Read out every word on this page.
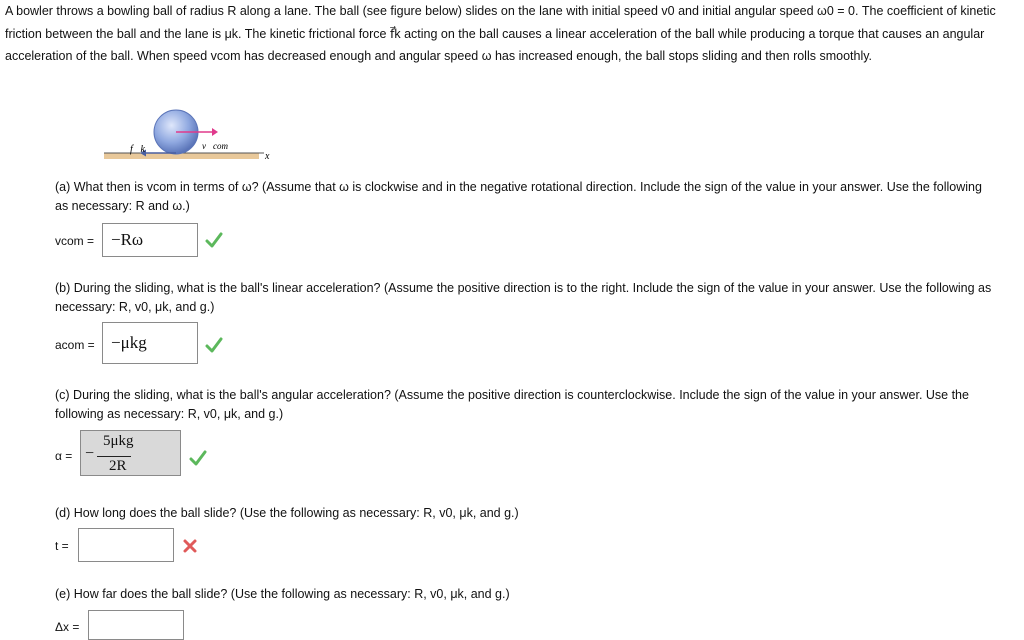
A bowler throws a bowling ball of radius R along a lane. The ball (see figure below) slides on the lane with initial speed v0 and initial angular speed ω0 = 0. The coefficient of kinetic friction between the ball and the lane is μk. The kinetic frictional force f⃗k acting on the ball causes a linear acceleration of the ball while producing a torque that causes an angular acceleration of the ball. When speed vcom has decreased enough and angular speed ω has increased enough, the ball stops sliding and then rolls smoothly.
f⃗k	v⃗com
x
(a) What then is vcom in terms of ω? (Assume that ω is clockwise and in the negative rotational direction. Include the sign of the value in your answer. Use the following as necessary: R and ω.)
vcom = −Rω
(b) During the sliding, what is the ball's linear acceleration? (Assume the positive direction is to the right. Include the sign of the value in your answer. Use the following as necessary: R, v0, μk, and g.)
acom = −μkg
(c) During the sliding, what is the ball's angular acceleration? (Assume the positive direction is counterclockwise. Include the sign of the value in your answer. Use the following as necessary: R, v0, μk, and g.)
α = −
5μkg
2R
(d) How long does the ball slide? (Use the following as necessary: R, v0, μk, and g.)
t =
(e) How far does the ball slide? (Use the following as necessary: R, v0, μk, and g.)
Δx =
